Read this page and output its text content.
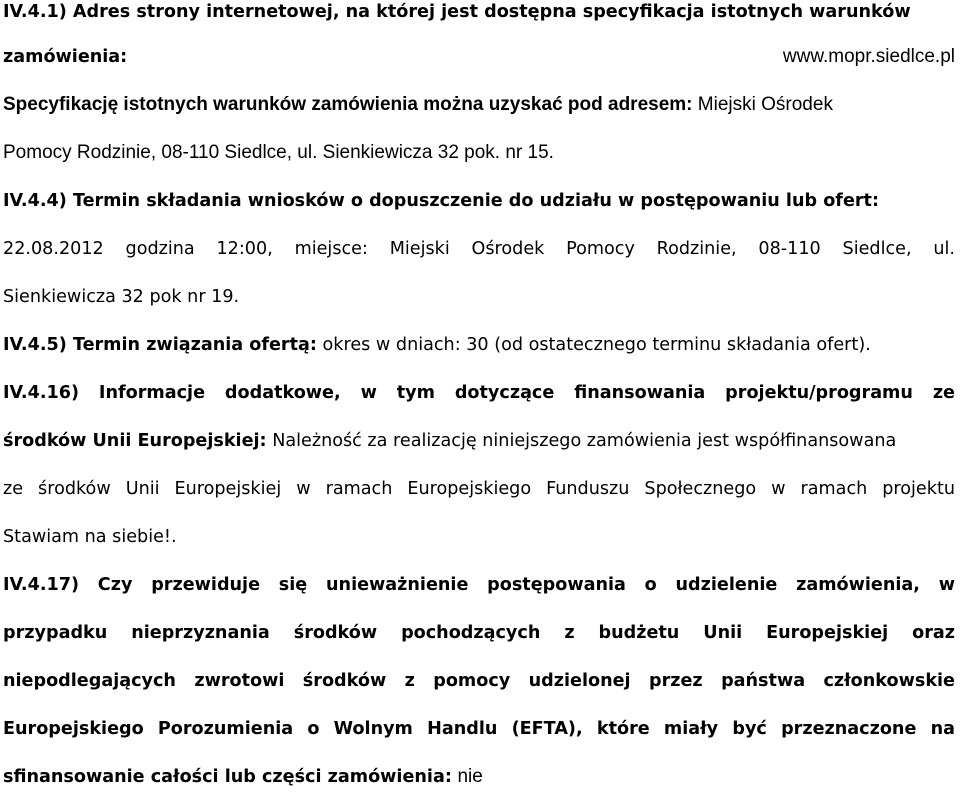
IV.4.1) Adres strony internetowej, na której jest dostępna specyfikacja istotnych warunków
zamówienia:	www.mopr.siedlce.pl
Specyfikację istotnych warunków zamówienia można uzyskać pod adresem: Miejski Ośrodek
Pomocy Rodzinie, 08-110 Siedlce, ul. Sienkiewicza 32 pok. nr 15.
IV.4.4) Termin składania wniosków o dopuszczenie do udziału w postępowaniu lub ofert:
22.08.2012 godzina 12:00, miejsce: Miejski Ośrodek Pomocy Rodzinie, 08-110 Siedlce, ul.
Sienkiewicza 32 pok nr 19.
IV.4.5) Termin związania ofertą: okres w dniach: 30 (od ostatecznego terminu składania ofert).
IV.4.16) Informacje dodatkowe, w tym dotyczące finansowania projektu/programu ze
środków Unii Europejskiej: Należność za realizację niniejszego zamówienia jest współfinansowana
ze środków Unii Europejskiej w ramach Europejskiego Funduszu Społecznego w ramach projektu
Stawiam na siebie!.
IV.4.17) Czy przewiduje się unieważnienie postępowania o udzielenie zamówienia, w
przypadku nieprzyznania środków pochodzących z budżetu Unii Europejskiej oraz
niepodlegających zwrotowi środków z pomocy udzielonej przez państwa członkowskie
Europejskiego Porozumienia o Wolnym Handlu (EFTA), które miały być przeznaczone na
sfinansowanie całości lub części zamówienia: nie
